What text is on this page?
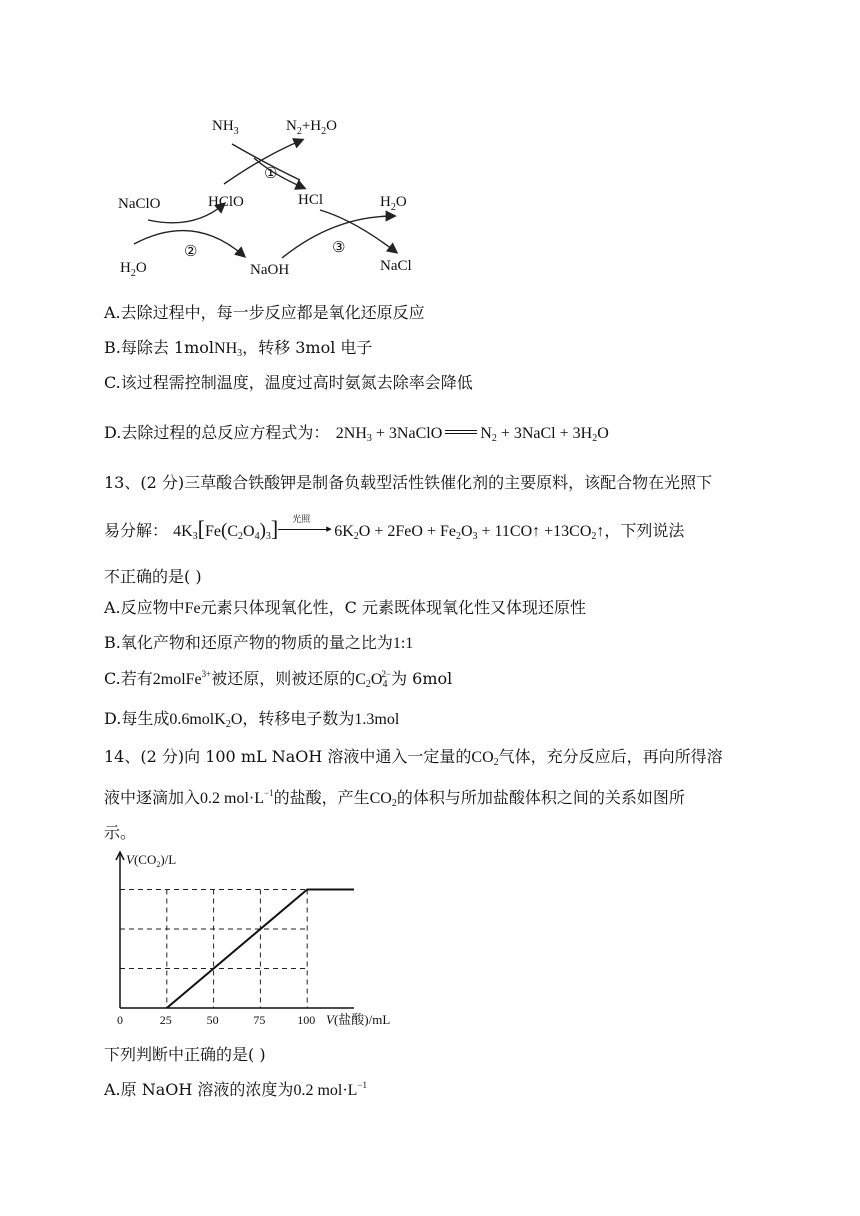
$NH_3$	$N_2+H_2O$
①
NaClO	HClO	HCl	$H_2O$
②	③
$H_2O$	NaOH	NaCl
A.去除过程中，每一步反应都是氧化还原反应
B.每除去 1molNH$_3$，转移 3mol 电子
C.该过程需控制温度，温度过高时氨氮去除率会降低
D.去除过程的总反应方程式为：  $2NH_3$ + 3NaClO $N_2$ + 3NaCl + $3H_2O$
13、(2 分)三草酸合铁酸钾是制备负载型活性铁催化剂的主要原料，该配合物在光照下
易分解： $4K_3[Fe(C_2O_4)_3]$ 光照
▸ $6K_2O + 2FeO + Fe_2O_3$ + 11CO↑ $+13CO_2↑$，下列说法
不正确的是( )
A.反应物中Fe元素只体现氧化性，C 元素既体现氧化性又体现还原性
B.氧化产物和还原产物的物质的量之比为1:1
C.若有2molFe$^{3+}$被还原，则被还原的$C_2O_4^{2-}$为 6mol
D.每生成0.6molK$_2$O，转移电子数为1.3mol
14、(2 分)向 100 mL NaOH 溶液中通入一定量的$CO_2$气体，充分反应后，再向所得溶
液中逐滴加入0.2 $mol\cdot L^{-1}$的盐酸，产生$CO_2$的体积与所加盐酸体积之间的关系如图所
示。
$V(CO_2)/L$
0	25	50	75	100 V(盐酸)/mL
下列判断中正确的是( )
A.原 NaOH 溶液的浓度为0.2 $mol\cdot L^{-1}$
